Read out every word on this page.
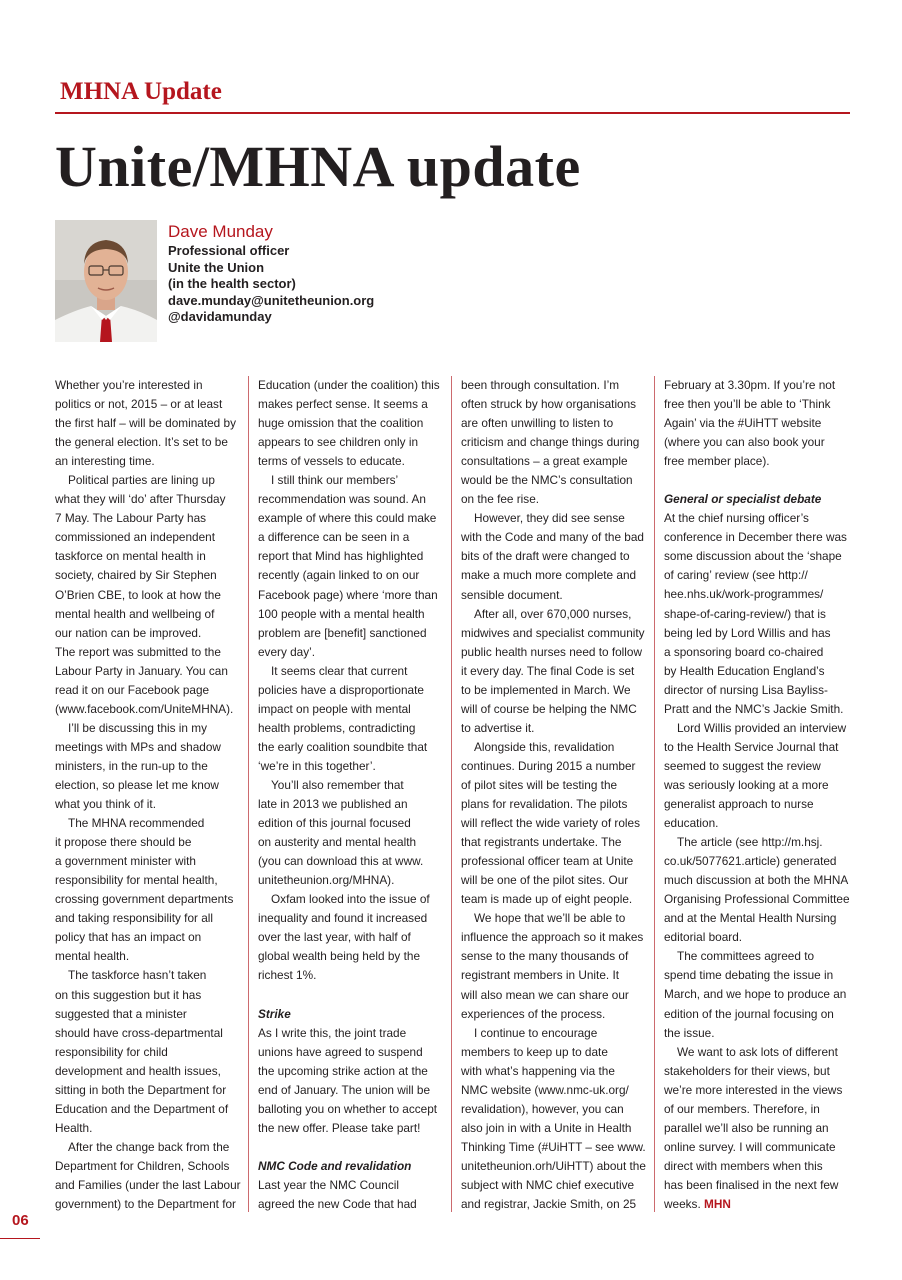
MHNA Update
Unite/MHNA update

Dave Munday

Professional officer

Unite the Union

(in the health sector)

dave.munday@unitetheunion.org

@davidamunday

Whether you’re interested in
politics or not, 2015 – or at least
the first half – will be dominated by
the general election. It’s set to be
an interesting time.

Political parties are lining up
what they will ‘do’ after Thursday
7 May. The Labour Party has
commissioned an independent
taskforce on mental health in
society, chaired by Sir Stephen
O’Brien CBE, to look at how the
mental health and wellbeing of
our nation can be improved.
The report was submitted to the
Labour Party in January. You can
read it on our Facebook page
(www.facebook.com/UniteMHNA).

I’ll be discussing this in my
meetings with MPs and shadow
ministers, in the run-up to the
election, so please let me know
what you think of it.

The MHNA recommended
it propose there should be
a government minister with
responsibility for mental health,
crossing government departments
and taking responsibility for all
policy that has an impact on
mental health.

The taskforce hasn’t taken
on this suggestion but it has
suggested that a minister
should have cross-departmental
responsibility for child
development and health issues,
sitting in both the Department for
Education and the Department of
Health.

After the change back from the
Department for Children, Schools
and Families (under the last Labour
government) to the Department for

Education (under the coalition) this
makes perfect sense. It seems a
huge omission that the coalition
appears to see children only in
terms of vessels to educate.

I still think our members’
recommendation was sound. An
example of where this could make
a difference can be seen in a
report that Mind has highlighted
recently (again linked to on our
Facebook page) where ‘more than
100 people with a mental health
problem are [benefit] sanctioned
every day’.

It seems clear that current
policies have a disproportionate
impact on people with mental
health problems, contradicting
the early coalition soundbite that
‘we’re in this together’.

You’ll also remember that
late in 2013 we published an
edition of this journal focused
on austerity and mental health
(you can download this at www.
unitetheunion.org/MHNA).

Oxfam looked into the issue of
inequality and found it increased
over the last year, with half of
global wealth being held by the
richest 1%.

Strike

As I write this, the joint trade
unions have agreed to suspend
the upcoming strike action at the
end of January. The union will be
balloting you on whether to accept
the new offer. Please take part!

NMC Code and revalidation

Last year the NMC Council
agreed the new Code that had

been through consultation. I’m
often struck by how organisations
are often unwilling to listen to
criticism and change things during
consultations – a great example
would be the NMC’s consultation
on the fee rise.

However, they did see sense
with the Code and many of the bad
bits of the draft were changed to
make a much more complete and
sensible document.

After all, over 670,000 nurses,
midwives and specialist community
public health nurses need to follow
it every day. The final Code is set
to be implemented in March. We
will of course be helping the NMC
to advertise it.

Alongside this, revalidation
continues. During 2015 a number
of pilot sites will be testing the
plans for revalidation. The pilots
will reflect the wide variety of roles
that registrants undertake. The
professional officer team at Unite
will be one of the pilot sites. Our
team is made up of eight people.

We hope that we’ll be able to
influence the approach so it makes
sense to the many thousands of
registrant members in Unite. It
will also mean we can share our
experiences of the process.

I continue to encourage
members to keep up to date
with what’s happening via the
NMC website (www.nmc-uk.org/
revalidation), however, you can
also join in with a Unite in Health
Thinking Time (#UiHTT – see www.
unitetheunion.orh/UiHTT) about the
subject with NMC chief executive
and registrar, Jackie Smith, on 25

February at 3.30pm. If you’re not
free then you’ll be able to ‘Think
Again’ via the #UiHTT website
(where you can also book your
free member place).

General or specialist debate

At the chief nursing officer’s
conference in December there was
some discussion about the ‘shape
of caring’ review (see http://
hee.nhs.uk/work-programmes/
shape-of-caring-review/) that is
being led by Lord Willis and has
a sponsoring board co-chaired
by Health Education England’s
director of nursing Lisa Bayliss-
Pratt and the NMC’s Jackie Smith.

Lord Willis provided an interview
to the Health Service Journal that
seemed to suggest the review
was seriously looking at a more
generalist approach to nurse
education.

The article (see http://m.hsj.
co.uk/5077621.article) generated
much discussion at both the MHNA
Organising Professional Committee
and at the Mental Health Nursing
editorial board.

The committees agreed to
spend time debating the issue in
March, and we hope to produce an
edition of the journal focusing on
the issue.

We want to ask lots of different
stakeholders for their views, but
we’re more interested in the views
of our members. Therefore, in
parallel we’ll also be running an
online survey. I will communicate
direct with members when this
has been finalised in the next few
weeks. MHN

06
